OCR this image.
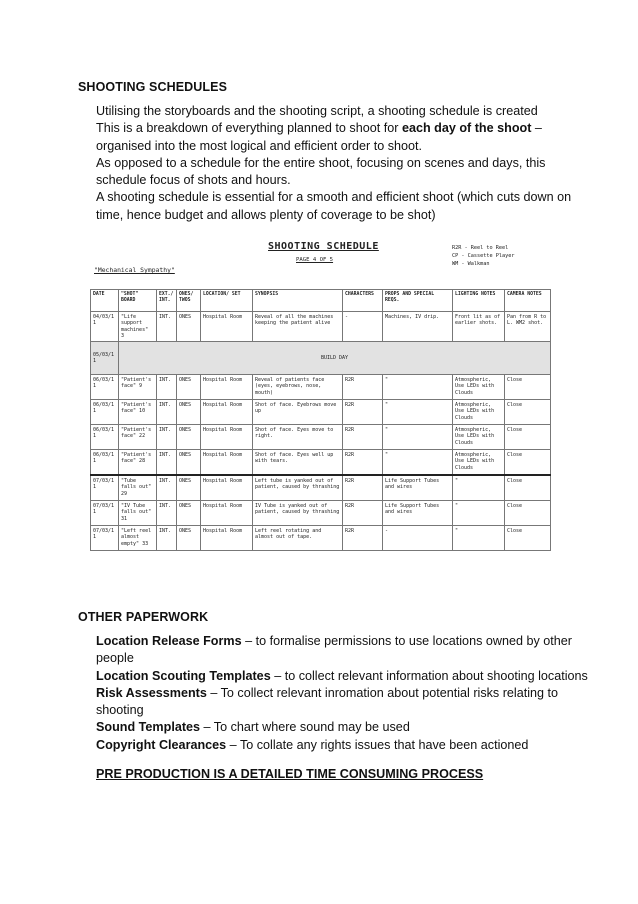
SHOOTING SCHEDULES
Utilising the storyboards and the shooting script, a shooting schedule is created
This is a breakdown of everything planned to shoot for each day of the shoot –
organised into the most logical and efficient order to shoot.
As opposed to a schedule for the entire shoot, focusing on scenes and days, this
schedule focus of shots and hours.
A shooting schedule is essential for a smooth and efficient shoot (which cuts down on
time, hence budget and allows plenty of coverage to be shot)
SHOOTING SCHEDULE
PAGE 4 OF 5
"Mechanical Sympathy"
R2R - Reel to Reel
CP - Cassette Player
WM - Walkman
DATE	"SHOT" BOARD	EXT./ INT.	ONES/ TWOS	LOCATION/ SET	SYNOPSIS	CHARACTERS	PROPS AND SPECIAL REQS.	LIGHTING NOTES	CAMERA NOTES
04/03/11	"Life support machines" 3	INT.	ONES	Hospital Room	Reveal of all the machines keeping the patient alive	-	Machines, IV drip.	Front lit as of earlier shots.	Pan from R to L. WM2 shot.
05/03/11	BUILD DAY								
06/03/11	"Patient's face" 9	INT.	ONES	Hospital Room	Reveal of patients face (eyes, eyebrows, nose, mouth)	R2R	"	Atmospheric, Use LEDs with Clouds	Close
06/03/11	"Patient's face" 10	INT.	ONES	Hospital Room	Shot of face. Eyebrows move up	R2R	"	Atmospheric, Use LEDs with Clouds	Close
06/03/11	"Patient's face" 22	INT.	ONES	Hospital Room	Shot of face. Eyes move to right.	R2R	"	Atmospheric, Use LEDs with Clouds	Close
06/03/11	"Patient's face" 28	INT.	ONES	Hospital Room	Shot of face. Eyes well up with tears.	R2R	"	Atmospheric, Use LEDs with Clouds	Close
07/03/11	"Tube falls out" 29	INT.	ONES	Hospital Room	Left tube is yanked out of patient, caused by thrashing	R2R	Life Support Tubes and wires	"	Close
07/03/11	"IV Tube falls out" 31	INT.	ONES	Hospital Room	IV Tube is yanked out of patient, caused by thrashing	R2R	Life Support Tubes and wires	"	Close
07/03/11	"Left reel almost empty" 33	INT.	ONES	Hospital Room	Left reel rotating and almost out of tape.	R2R	-	"	Close
OTHER PAPERWORK
Location Release Forms – to formalise permissions to use locations owned by other
people
Location Scouting Templates – to collect relevant information about shooting locations
Risk Assessments – To collect relevant inromation about potential risks relating to
shooting
Sound Templates – To chart where sound may be used
Copyright Clearances – To collate any rights issues that have been actioned
PRE PRODUCTION IS A DETAILED TIME CONSUMING PROCESS
